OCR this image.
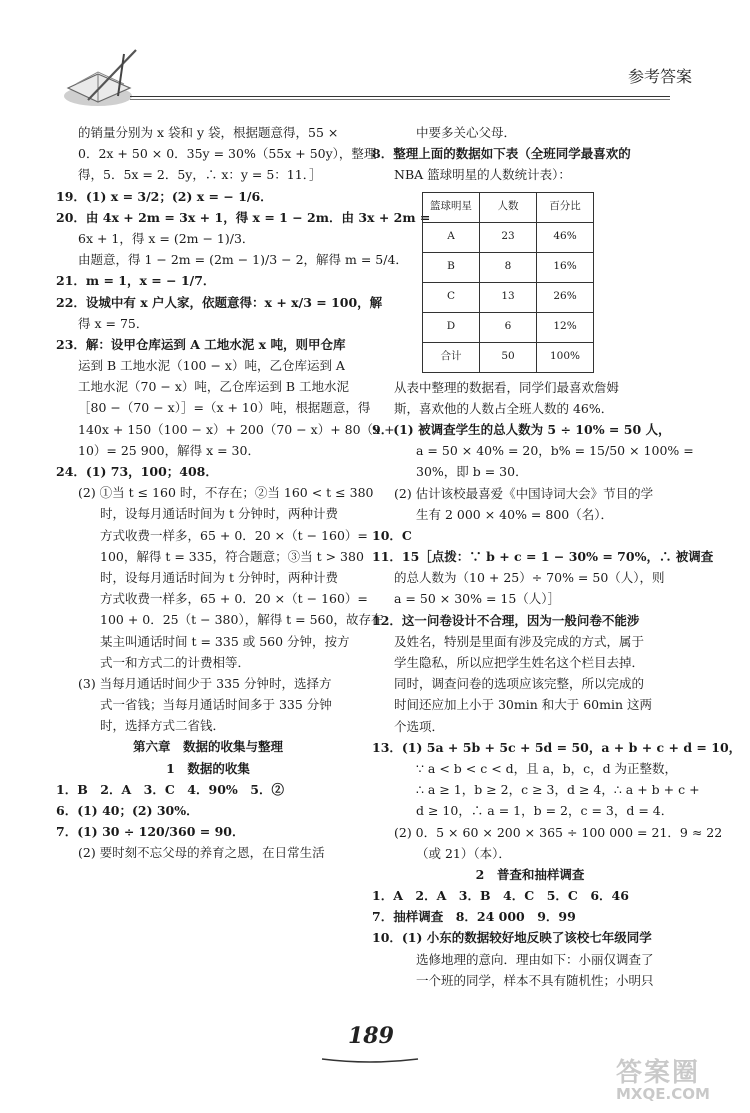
参考答案
的销量分别为 x 袋和 y 袋，根据题意得，55 ×
0．2x + 50 × 0．35y = 30%（55x + 50y），整理
得，5．5x = 2．5y，∴ x：y = 5：11．］
19．(1) x = 3/2；(2) x = − 1/6．
20．由 4x + 2m = 3x + 1，得 x = 1 − 2m．由 3x + 2m =
6x + 1，得 x = (2m − 1)/3．
由题意，得 1 − 2m = (2m − 1)/3 − 2，解得 m = 5/4．
21．m = 1，x = − 1/7．
22．设城中有 x 户人家，依题意得：x + x/3 = 100，解
得 x = 75．
23．解：设甲仓库运到 A 工地水泥 x 吨，则甲仓库
运到 B 工地水泥（100 − x）吨，乙仓库运到 A
工地水泥（70 − x）吨，乙仓库运到 B 工地水泥
［80 −（70 − x）］=（x + 10）吨，根据题意，得
140x + 150（100 − x）+ 200（70 − x）+ 80（x +
10）= 25 900，解得 x = 30．
24．(1) 73，100；408．
(2) ①当 t ≤ 160 时，不存在；②当 160 < t ≤ 380
时，设每月通话时间为 t 分钟时，两种计费
方式收费一样多，65 + 0．20 ×（t − 160）=
100，解得 t = 335，符合题意；③当 t > 380
时，设每月通话时间为 t 分钟时，两种计费
方式收费一样多，65 + 0．20 ×（t − 160）=
100 + 0．25（t − 380），解得 t = 560，故存在
某主叫通话时间 t = 335 或 560 分钟，按方
式一和方式二的计费相等．
(3) 当每月通话时间少于 335 分钟时，选择方
式一省钱；当每月通话时间多于 335 分钟
时，选择方式二省钱．
第六章　数据的收集与整理
1　数据的收集
1．B　2．A　3．C　4．90%　5．②
6．(1) 40；(2) 30%．
7．(1) 30 ÷ 120/360 = 90．
(2) 要时刻不忘父母的养育之恩，在日常生活
中要多关心父母．
8．整理上面的数据如下表（全班同学最喜欢的
NBA 篮球明星的人数统计表）：
篮球明星	人数	百分比
A	23	46%
B	8	16%
C	13	26%
D	6	12%
合计	50	100%
从表中整理的数据看，同学们最喜欢詹姆
斯，喜欢他的人数占全班人数的 46%．
9．(1) 被调查学生的总人数为 5 ÷ 10% = 50 人，
a = 50 × 40% = 20，b% = 15/50 × 100% =
30%，即 b = 30．
(2) 估计该校最喜爱《中国诗词大会》节目的学
生有 2 000 × 40% = 800（名）．
10．C
11．15［点拨：∵ b + c = 1 − 30% = 70%，∴ 被调查
的总人数为（10 + 25）÷ 70% = 50（人），则
a = 50 × 30% = 15（人）］
12．这一问卷设计不合理，因为一般问卷不能涉
及姓名，特别是里面有涉及完成的方式，属于
学生隐私，所以应把学生姓名这个栏目去掉．
同时，调查问卷的选项应该完整，所以完成的
时间还应加上小于 30min 和大于 60min 这两
个选项．
13．(1) 5a + 5b + 5c + 5d = 50，a + b + c + d = 10，
∵ a < b < c < d，且 a，b，c，d 为正整数，
∴ a ≥ 1，b ≥ 2，c ≥ 3，d ≥ 4，∴ a + b + c +
d ≥ 10，∴ a = 1，b = 2，c = 3，d = 4．
(2) 0．5 × 60 × 200 × 365 ÷ 100 000 = 21．9 ≈ 22
（或 21）（本）．
2　普查和抽样调查
1．A　2．A　3．B　4．C　5．C　6．46
7．抽样调查　8．24 000　9．99
10．(1) 小东的数据较好地反映了该校七年级同学
选修地理的意向．理由如下：小丽仅调查了
一个班的同学，样本不具有随机性；小明只
189
答案圈
MXQE.COM
